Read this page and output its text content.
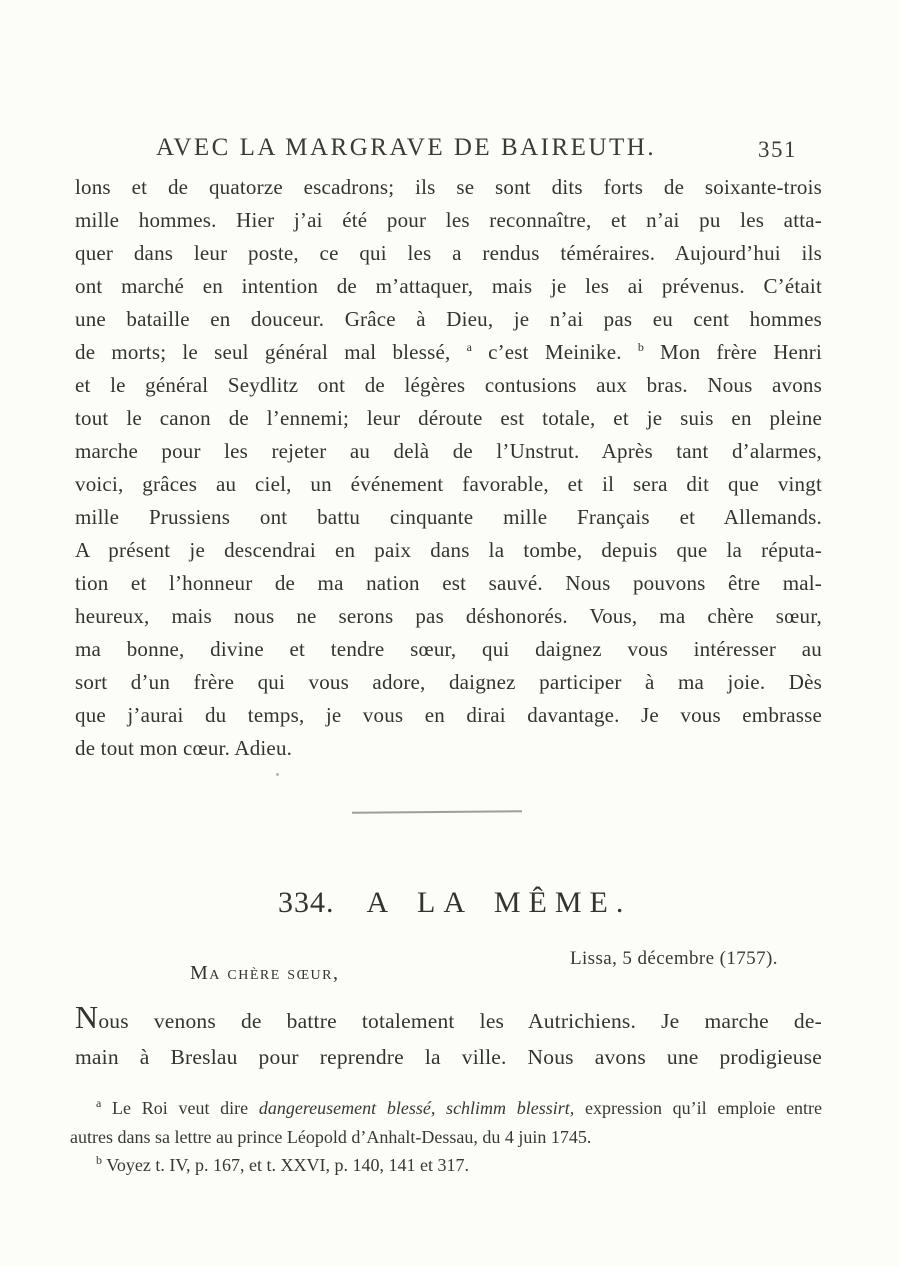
AVEC LA MARGRAVE DE BAIREUTH.	351
lons et de quatorze escadrons; ils se sont dits forts de soixante-trois
mille hommes. Hier j’ai été pour les reconnaître, et n’ai pu les atta-
quer dans leur poste, ce qui les a rendus téméraires. Aujourd’hui ils
ont marché en intention de m’attaquer, mais je les ai prévenus. C’était
une bataille en douceur. Grâce à Dieu, je n’ai pas eu cent hommes
de morts; le seul général mal blessé, $^a$ c’est Meinike. $^b$ Mon frère Henri
et le général Seydlitz ont de légères contusions aux bras. Nous avons
tout le canon de l’ennemi; leur déroute est totale, et je suis en pleine
marche pour les rejeter au delà de l’Unstrut. Après tant d’alarmes,
voici, grâces au ciel, un événement favorable, et il sera dit que vingt
mille Prussiens ont battu cinquante mille Français et Allemands.
A présent je descendrai en paix dans la tombe, depuis que la réputa-
tion et l’honneur de ma nation est sauvé. Nous pouvons être mal-
heureux, mais nous ne serons pas déshonorés. Vous, ma chère sœur,
ma bonne, divine et tendre sœur, qui daignez vous intéresser au
sort d’un frère qui vous adore, daignez participer à ma joie. Dès
que j’aurai du temps, je vous en dirai davantage. Je vous embrasse
de tout mon cœur. Adieu.
334. A LA MÊME.
Lissa, 5 décembre (1757).
Ma chère sœur,
Nous venons de battre totalement les Autrichiens. Je marche de-
main à Breslau pour reprendre la ville. Nous avons une prodigieuse
$^a$ Le Roi veut dire dangereusement blessé, schlimm blessirt, expression qu’il emploie entre
autres dans sa lettre au prince Léopold d’Anhalt-Dessau, du 4 juin 1745.
$^b$ Voyez t. IV, p. 167, et t. XXVI, p. 140, 141 et 317.
